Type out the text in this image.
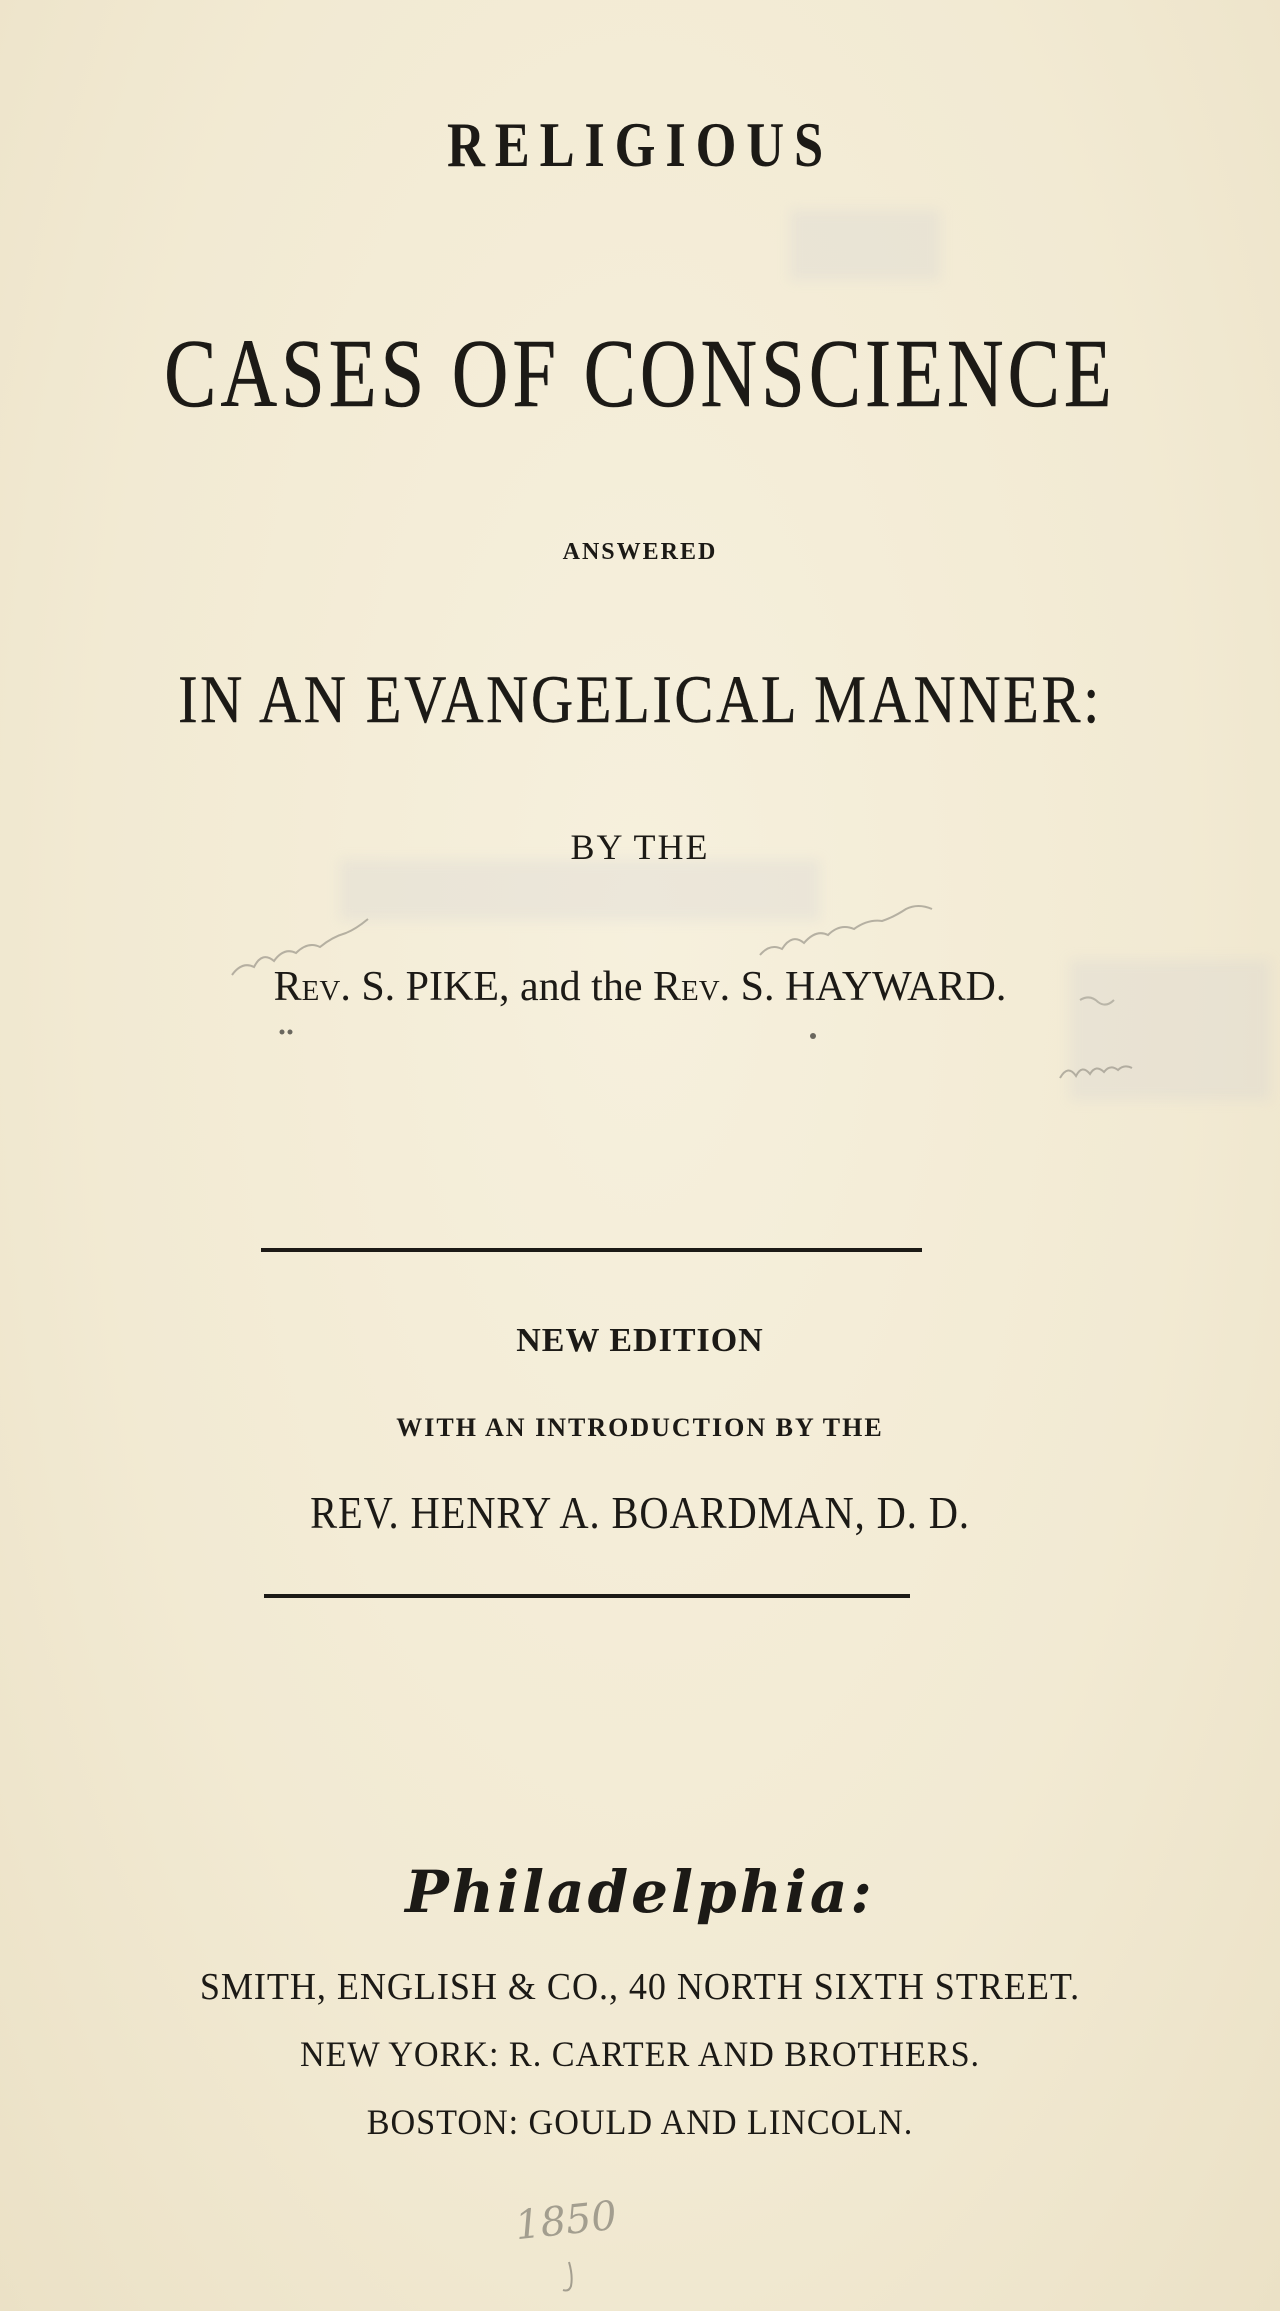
RELIGIOUS
CASES OF CONSCIENCE
ANSWERED
IN AN EVANGELICAL MANNER:
BY THE
Rev. S. PIKE, and the Rev. S. HAYWARD.
NEW EDITION
WITH AN INTRODUCTION BY THE
REV. HENRY A. BOARDMAN, D. D.
Philadelphia:
SMITH, ENGLISH & CO., 40 NORTH SIXTH STREET.
NEW YORK: R. CARTER AND BROTHERS.
BOSTON: GOULD AND LINCOLN.
1850
